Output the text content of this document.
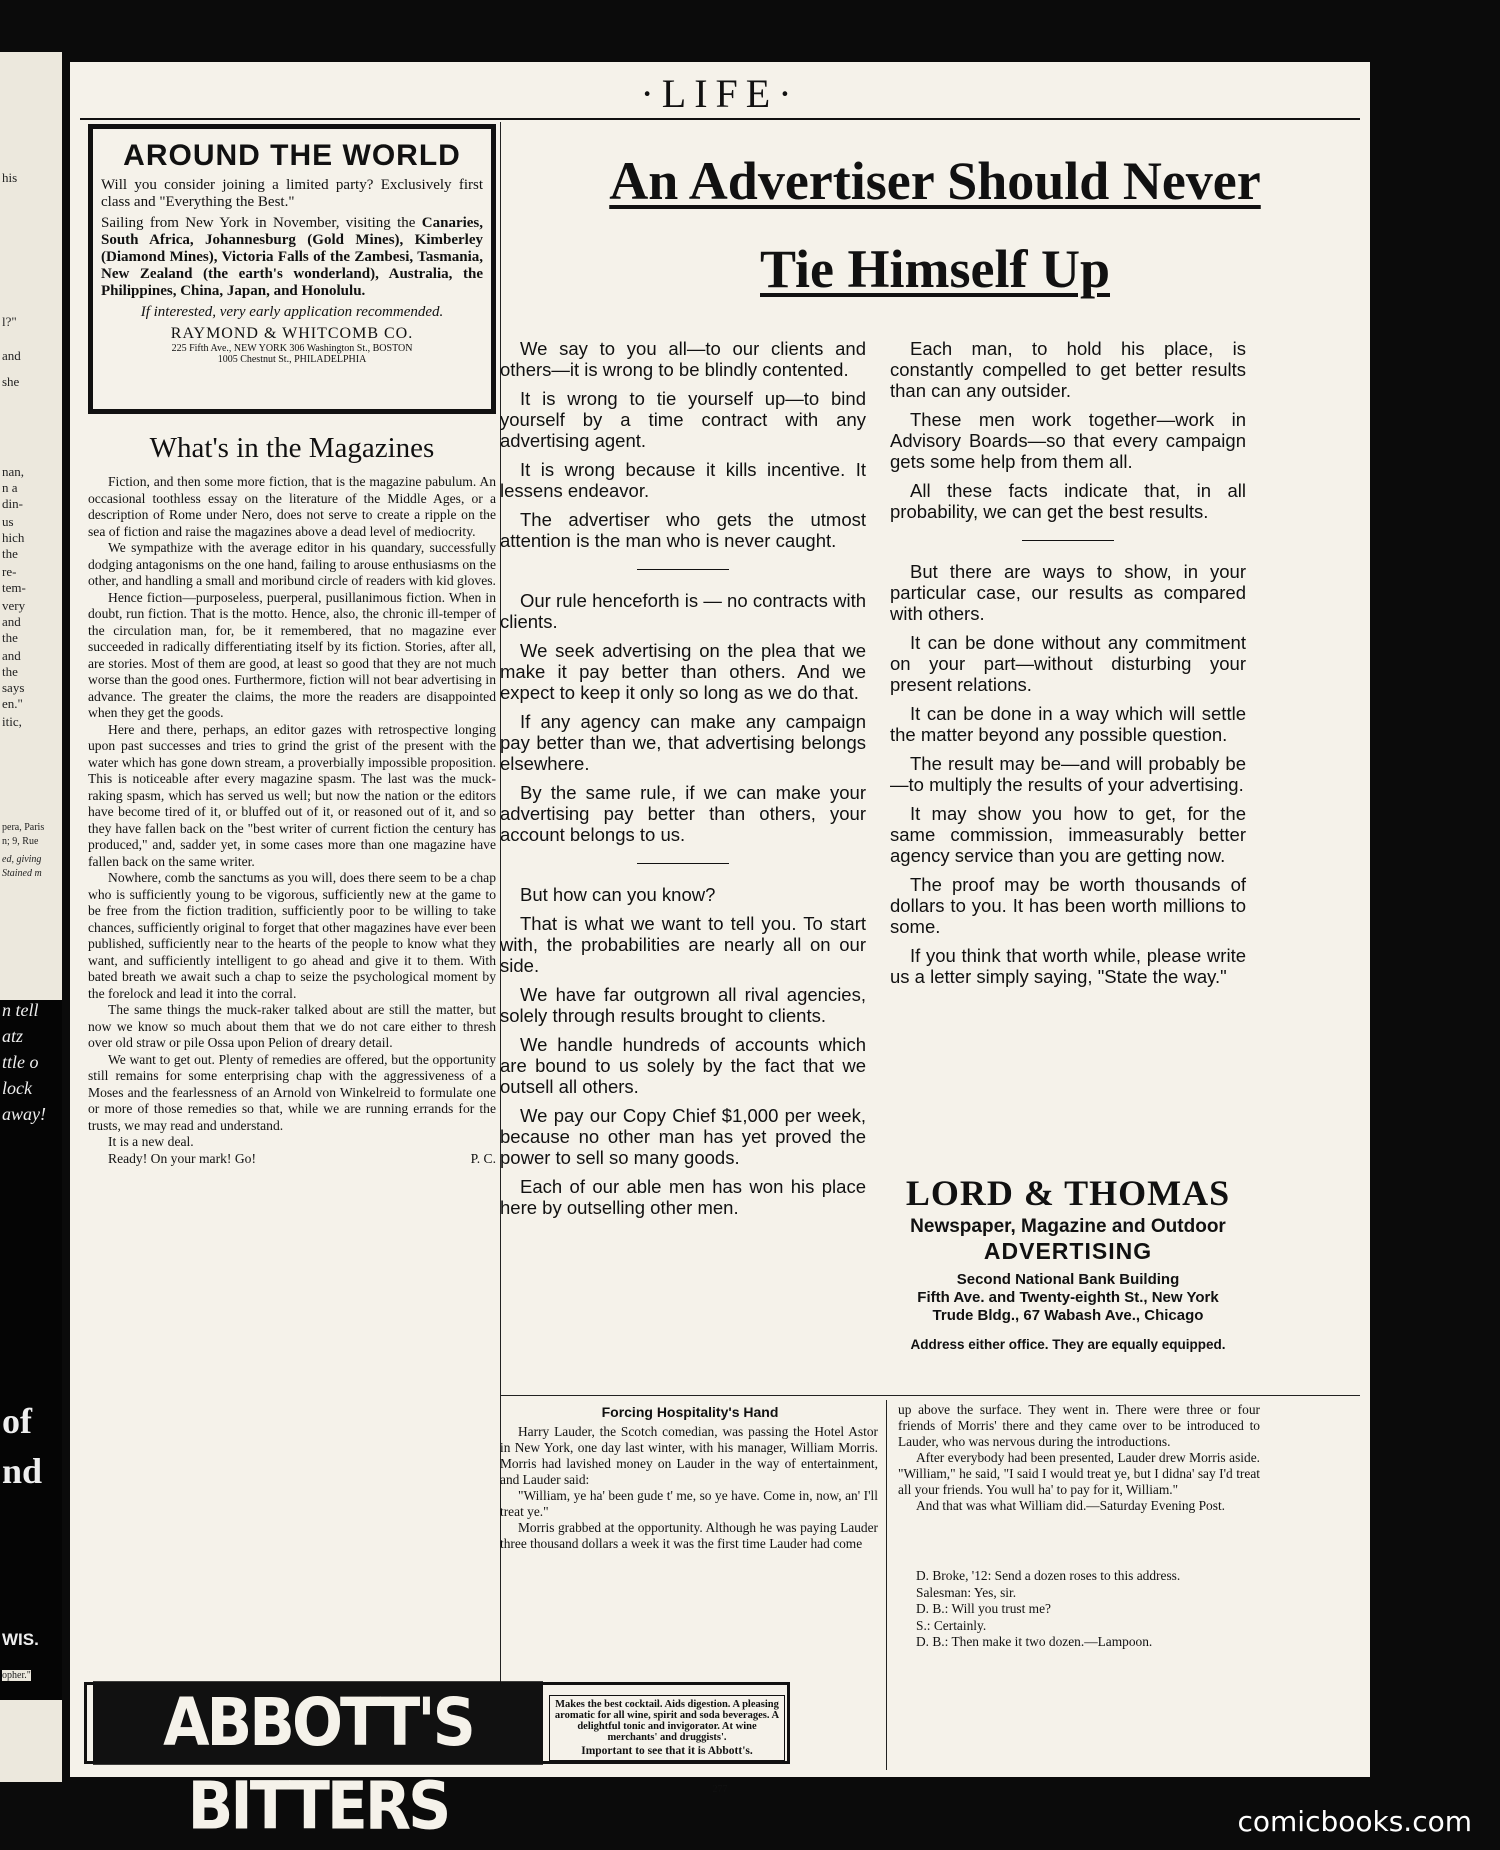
his
l?"
and
she
nan,
n a
din-
us
hich
the
re-
tem-
very
and
the
and
the
says
en."
itic,
pera, Paris
n; 9, Rue
ed, giving
Stained m
n tell
atz
ttle o
lock
away!
of
nd
WIS.
opher."
·LIFE·
AROUND THE WORLD

Will you consider joining a limited party? Exclusively first class and "Everything the Best."

Sailing from New York in November, visiting the Canaries, South Africa, Johannesburg (Gold Mines), Kimberley (Diamond Mines), Victoria Falls of the Zambesi, Tasmania, New Zealand (the earth's wonderland), Australia, the Philippines, China, Japan, and Honolulu.

If interested, very early application recommended.

RAYMOND & WHITCOMB CO.
225 Fifth Ave., NEW YORK 306 Washington St., BOSTON
1005 Chestnut St., PHILADELPHIA
What's in the Magazines

Fiction, and then some more fiction, that is the magazine pabulum. An occasional toothless essay on the literature of the Middle Ages, or a description of Rome under Nero, does not serve to create a ripple on the sea of fiction and raise the magazines above a dead level of mediocrity.

We sympathize with the average editor in his quandary, successfully dodging antagonisms on the one hand, failing to arouse enthusiasms on the other, and handling a small and moribund circle of readers with kid gloves.

Hence fiction—purposeless, puerperal, pusillanimous fiction. When in doubt, run fiction. That is the motto. Hence, also, the chronic ill-temper of the circulation man, for, be it remembered, that no magazine ever succeeded in radically differentiating itself by its fiction. Stories, after all, are stories. Most of them are good, at least so good that they are not much worse than the good ones. Furthermore, fiction will not bear advertising in advance. The greater the claims, the more the readers are disappointed when they get the goods.

Here and there, perhaps, an editor gazes with retrospective longing upon past successes and tries to grind the grist of the present with the water which has gone down stream, a proverbially impossible proposition. This is noticeable after every magazine spasm. The last was the muck-raking spasm, which has served us well; but now the nation or the editors have become tired of it, or bluffed out of it, or reasoned out of it, and so they have fallen back on the "best writer of current fiction the century has produced," and, sadder yet, in some cases more than one magazine have fallen back on the same writer.

Nowhere, comb the sanctums as you will, does there seem to be a chap who is sufficiently young to be vigorous, sufficiently new at the game to be free from the fiction tradition, sufficiently poor to be willing to take chances, sufficiently original to forget that other magazines have ever been published, sufficiently near to the hearts of the people to know what they want, and sufficiently intelligent to go ahead and give it to them. With bated breath we await such a chap to seize the psychological moment by the forelock and lead it into the corral.

The same things the muck-raker talked about are still the matter, but now we know so much about them that we do not care either to thresh over old straw or pile Ossa upon Pelion of dreary detail.

We want to get out. Plenty of remedies are offered, but the opportunity still remains for some enterprising chap with the aggressiveness of a Moses and the fearlessness of an Arnold von Winkelreid to formulate one or more of those remedies so that, while we are running errands for the trusts, we may read and understand.

It is a new deal.

Ready! On your mark! Go!	P. C.

An Advertiser Should Never
Tie Himself Up

We say to you all—to our clients and others—it is wrong to be blindly contented.

It is wrong to tie yourself up—to bind yourself by a time contract with any advertising agent.

It is wrong because it kills incentive. It lessens endeavor.

The advertiser who gets the utmost attention is the man who is never caught.

Our rule henceforth is — no contracts with clients.

We seek advertising on the plea that we make it pay better than others. And we expect to keep it only so long as we do that.

If any agency can make any campaign pay better than we, that advertising belongs elsewhere.

By the same rule, if we can make your advertising pay better than others, your account belongs to us.

But how can you know?

That is what we want to tell you. To start with, the probabilities are nearly all on our side.

We have far outgrown all rival agencies, solely through results brought to clients.

We handle hundreds of accounts which are bound to us solely by the fact that we outsell all others.

We pay our Copy Chief $1,000 per week, because no other man has yet proved the power to sell so many goods.

Each of our able men has won his place here by outselling other men.

Each man, to hold his place, is constantly compelled to get better results than can any outsider.

These men work together—work in Advisory Boards—so that every campaign gets some help from them all.

All these facts indicate that, in all probability, we can get the best results.

But there are ways to show, in your particular case, our results as compared with others.

It can be done without any commitment on your part—without disturbing your present relations.

It can be done in a way which will settle the matter beyond any possible question.

The result may be—and will probably be—to multiply the results of your advertising.

It may show you how to get, for the same commission, immeasurably better agency service than you are getting now.

The proof may be worth thousands of dollars to you. It has been worth millions to some.

If you think that worth while, please write us a letter simply saying, "State the way."

LORD & THOMAS
Newspaper, Magazine and Outdoor
ADVERTISING
Second National Bank Building
Fifth Ave. and Twenty-eighth St., New York
Trude Bldg., 67 Wabash Ave., Chicago
Address either office. They are equally equipped.
Forcing Hospitality's Hand

Harry Lauder, the Scotch comedian, was passing the Hotel Astor in New York, one day last winter, with his manager, William Morris. Morris had lavished money on Lauder in the way of entertainment, and Lauder said:

"William, ye ha' been gude t' me, so ye have. Come in, now, an' I'll treat ye."

Morris grabbed at the opportunity. Although he was paying Lauder three thousand dollars a week it was the first time Lauder had come

up above the surface. They went in. There were three or four friends of Morris' there and they came over to be introduced to Lauder, who was nervous during the introductions.

After everybody had been presented, Lauder drew Morris aside. "William," he said, "I said I would treat ye, but I didna' say I'd treat all your friends. You wull ha' to pay for it, William."

And that was what William did.—Saturday Evening Post.

D. Broke, '12: Send a dozen roses to this address.

Salesman: Yes, sir.

D. B.: Will you trust me?

S.: Certainly.

D. B.: Then make it two dozen.—Lampoon.

ABBOTT'S BITTERS
Makes the best cocktail. Aids digestion. A pleasing aromatic for all wine, spirit and soda beverages. A delightful tonic and invigorator. At wine merchants' and druggists'.
Important to see that it is Abbott's.
277
comicbooks.com
